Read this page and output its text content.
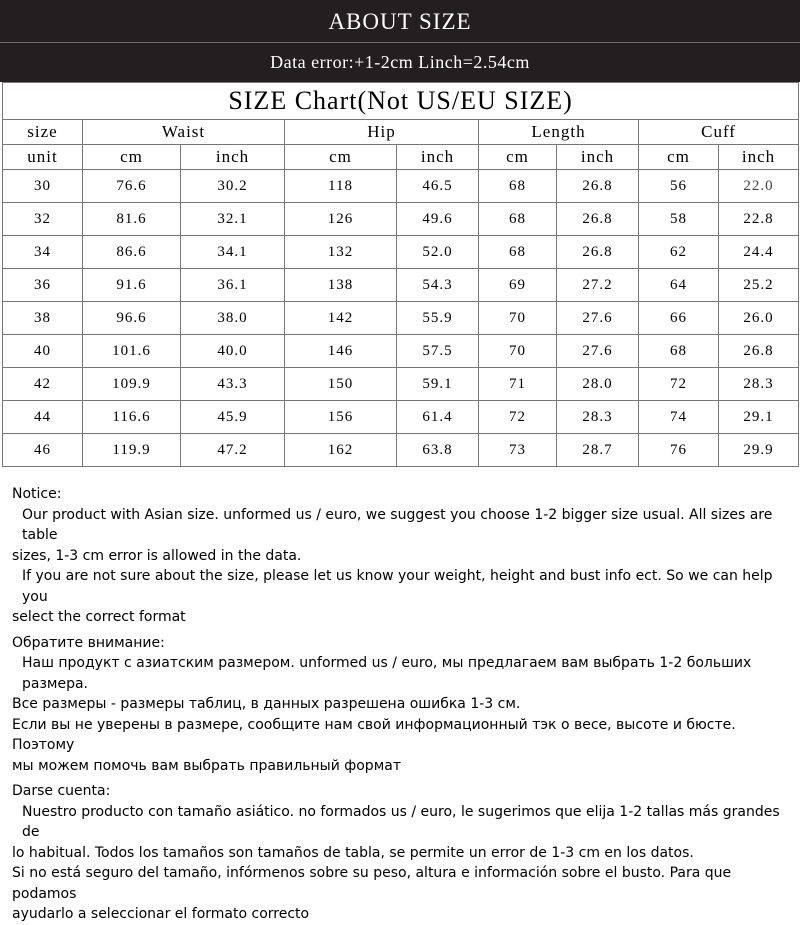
ABOUT SIZE
Data error:+1-2cm Linch=2.54cm
SIZE Chart(Not US/EU SIZE)								
size	Waist		Hip		Length		Cuff	
unit	cm	inch	cm	inch	cm	inch	cm	inch
30	76.6	30.2	118	46.5	68	26.8	56	22.0
32	81.6	32.1	126	49.6	68	26.8	58	22.8
34	86.6	34.1	132	52.0	68	26.8	62	24.4
36	91.6	36.1	138	54.3	69	27.2	64	25.2
38	96.6	38.0	142	55.9	70	27.6	66	26.0
40	101.6	40.0	146	57.5	70	27.6	68	26.8
42	109.9	43.3	150	59.1	71	28.0	72	28.3
44	116.6	45.9	156	61.4	72	28.3	74	29.1
46	119.9	47.2	162	63.8	73	28.7	76	29.9

Notice:

Our product with Asian size. unformed us / euro, we suggest you choose 1-2 bigger size usual. All sizes are table

sizes, 1-3 cm error is allowed in the data.

If you are not sure about the size, please let us know your weight, height and bust info ect. So we can help you

select the correct format

Обратите внимание:

Наш продукт с азиатским размером. unformed us / euro, мы предлагаем вам выбрать 1-2 больших размера.

Все размеры - размеры таблиц, в данных разрешена ошибка 1-3 см.

Если вы не уверены в размере, сообщите нам свой информационный тэк о весе, высоте и бюсте. Поэтому

мы можем помочь вам выбрать правильный формат

Darse cuenta:

Nuestro producto con tamaño asiático. no formados us / euro, le sugerimos que elija 1-2 tallas más grandes de

lo habitual. Todos los tamaños son tamaños de tabla, se permite un error de 1-3 cm en los datos.

Si no está seguro del tamaño, infórmenos sobre su peso, altura e información sobre el busto. Para que podamos

ayudarlo a seleccionar el formato correcto
